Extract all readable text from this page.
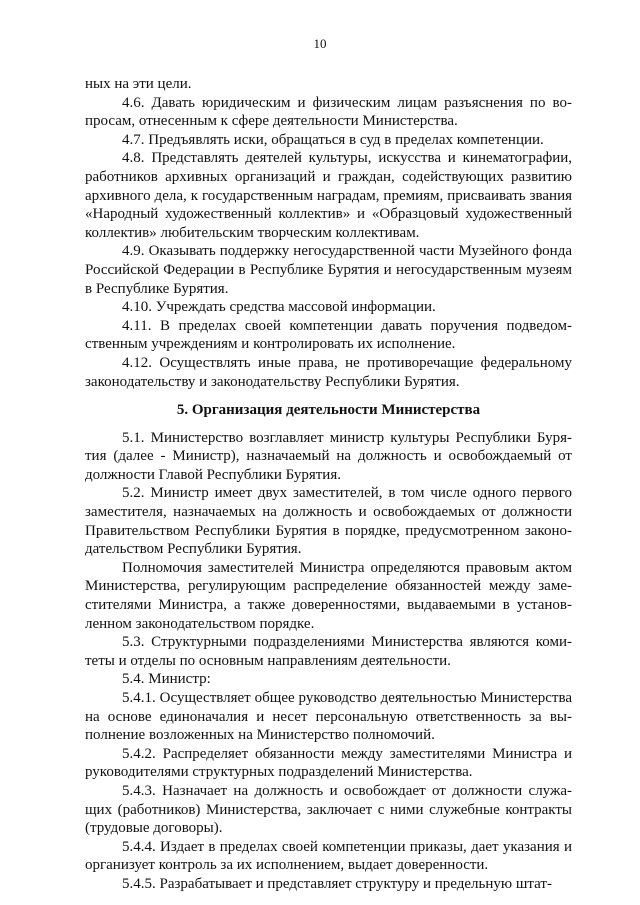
10

ных на эти цели.

4.6. Давать юридическим и физическим лицам разъяснения по вопросам, отнесенным к сфере деятельности Министерства.

4.7. Предъявлять иски, обращаться в суд в пределах компетенции.

4.8. Представлять деятелей культуры, искусства и кинематографии, работников архивных организаций и граждан, содействующих развитию архивного дела, к государственным наградам, премиям, присваивать звания «Народный художественный коллектив» и «Образцовый художественный коллектив» любительским творческим коллективам.

4.9. Оказывать поддержку негосударственной части Музейного фонда Российской Федерации в Республике Бурятия и негосударственным музеям в Республике Бурятия.

4.10. Учреждать средства массовой информации.

4.11. В пределах своей компетенции давать поручения подведомственным учреждениям и контролировать их исполнение.

4.12. Осуществлять иные права, не противоречащие федеральному законодательству и законодательству Республики Бурятия.

5. Организация деятельности Министерства

5.1. Министерство возглавляет министр культуры Республики Бурятия (далее - Министр), назначаемый на должность и освобождаемый от должности Главой Республики Бурятия.

5.2. Министр имеет двух заместителей, в том числе одного первого заместителя, назначаемых на должность и освобождаемых от должности Правительством Республики Бурятия в порядке, предусмотренном законодательством Республики Бурятия.

Полномочия заместителей Министра определяются правовым актом Министерства, регулирующим распределение обязанностей между заместителями Министра, а также доверенностями, выдаваемыми в установленном законодательством порядке.

5.3. Структурными подразделениями Министерства являются комитеты и отделы по основным направлениям деятельности.

5.4. Министр:

5.4.1. Осуществляет общее руководство деятельностью Министерства на основе единоначалия и несет персональную ответственность за выполнение возложенных на Министерство полномочий.

5.4.2. Распределяет обязанности между заместителями Министра и руководителями структурных подразделений Министерства.

5.4.3. Назначает на должность и освобождает от должности служащих (работников) Министерства, заключает с ними служебные контракты (трудовые договоры).

5.4.4. Издает в пределах своей компетенции приказы, дает указания и организует контроль за их исполнением, выдает доверенности.

5.4.5. Разрабатывает и представляет структуру и предельную штат-
